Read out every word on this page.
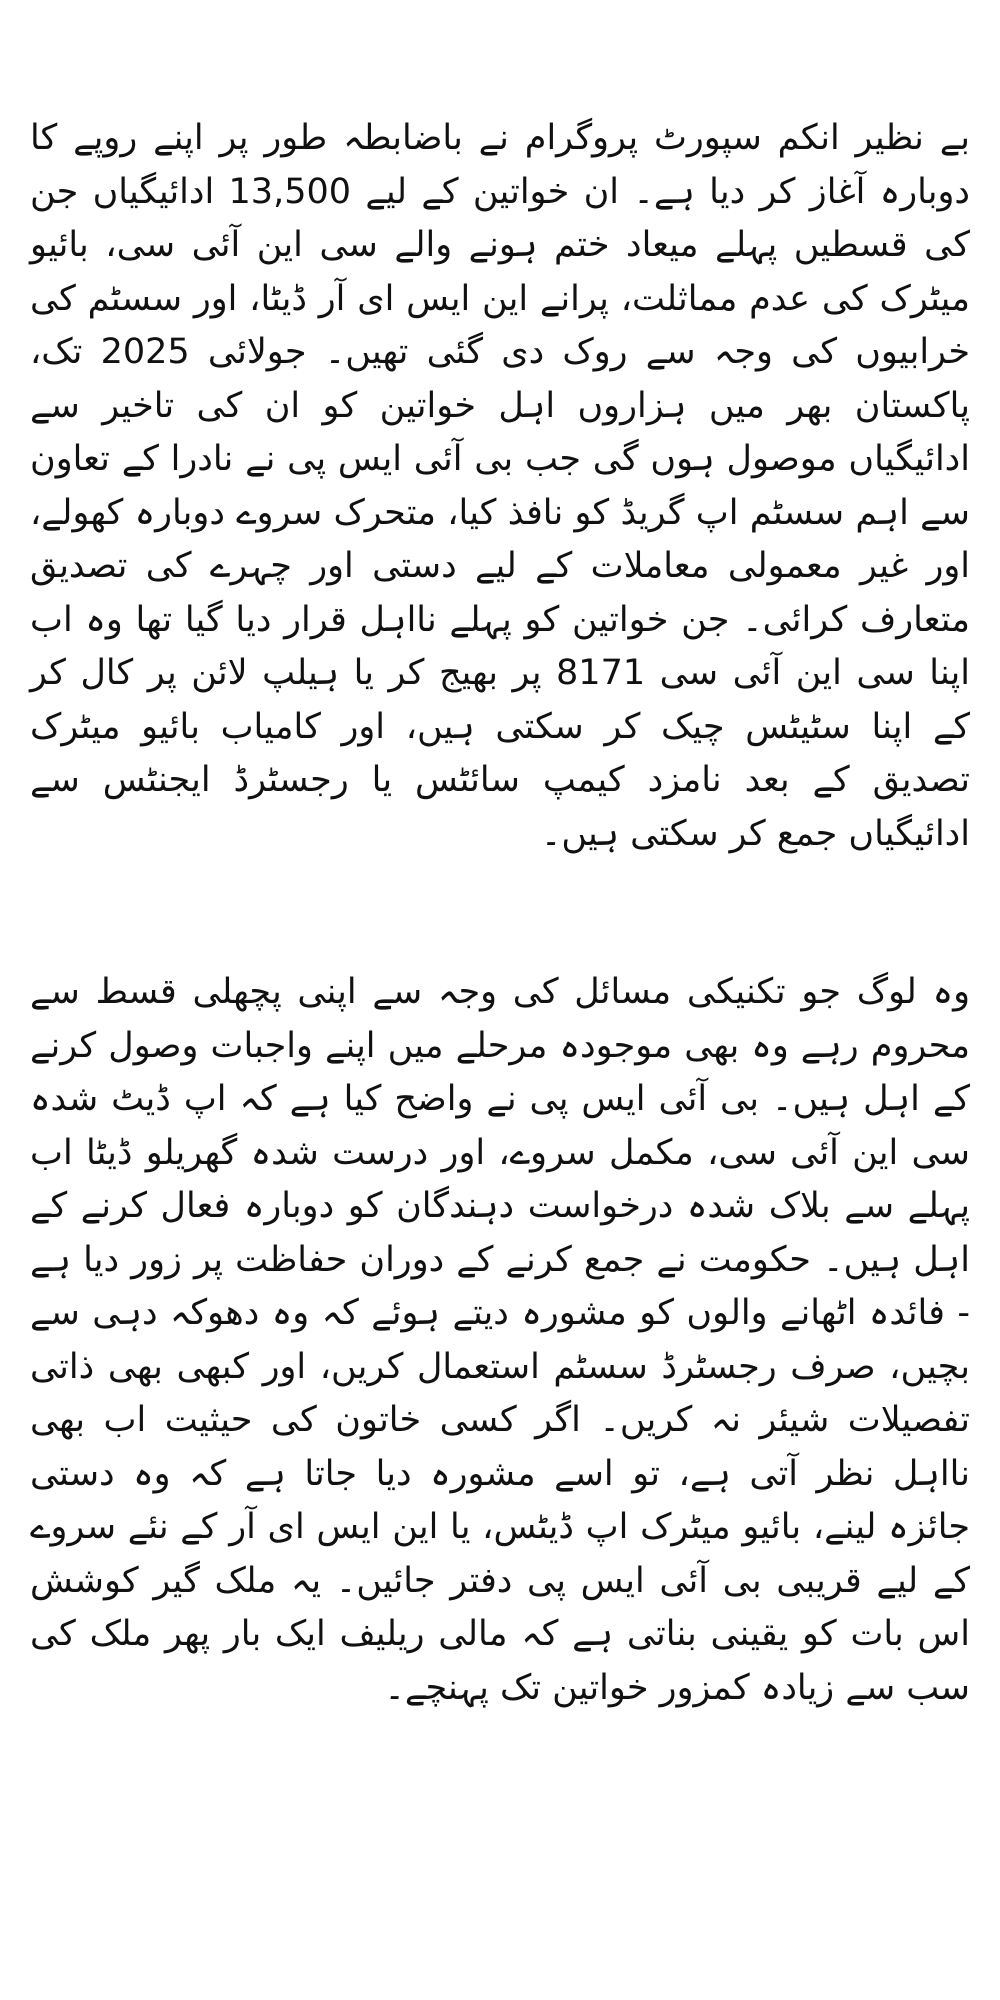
بے نظیر انکم سپورٹ پروگرام نے باضابطہ طور پر اپنے روپے کا دوبارہ آغاز کر دیا ہے۔ ان خواتین کے لیے 13,500 ادائیگیاں جن کی قسطیں پہلے میعاد ختم ہونے والے سی این آئی سی، بائیو میٹرک کی عدم مماثلت، پرانے این ایس ای آر ڈیٹا، اور سسٹم کی خرابیوں کی وجہ سے روک دی گئی تھیں۔ جولائی 2025 تک، پاکستان بھر میں ہزاروں اہل خواتین کو ان کی تاخیر سے ادائیگیاں موصول ہوں گی جب بی آئی ایس پی نے نادرا کے تعاون سے اہم سسٹم اپ گریڈ کو نافذ کیا، متحرک سروے دوبارہ کھولے، اور غیر معمولی معاملات کے لیے دستی اور چہرے کی تصدیق متعارف کرائی۔ جن خواتین کو پہلے نااہل قرار دیا گیا تھا وہ اب اپنا سی این آئی سی 8171 پر بھیج کر یا ہیلپ لائن پر کال کر کے اپنا سٹیٹس چیک کر سکتی ہیں، اور کامیاب بائیو میٹرک تصدیق کے بعد نامزد کیمپ سائٹس یا رجسٹرڈ ایجنٹس سے ادائیگیاں جمع کر سکتی ہیں۔

وہ لوگ جو تکنیکی مسائل کی وجہ سے اپنی پچھلی قسط سے محروم رہے وہ بھی موجودہ مرحلے میں اپنے واجبات وصول کرنے کے اہل ہیں۔ بی آئی ایس پی نے واضح کیا ہے کہ اپ ڈیٹ شدہ سی این آئی سی، مکمل سروے، اور درست شدہ گھریلو ڈیٹا اب پہلے سے بلاک شدہ درخواست دہندگان کو دوبارہ فعال کرنے کے اہل ہیں۔ حکومت نے جمع کرنے کے دوران حفاظت پر زور دیا ہے - فائدہ اٹھانے والوں کو مشورہ دیتے ہوئے کہ وہ دھوکہ دہی سے بچیں، صرف رجسٹرڈ سسٹم استعمال کریں، اور کبھی بھی ذاتی تفصیلات شیئر نہ کریں۔ اگر کسی خاتون کی حیثیت اب بھی نااہل نظر آتی ہے، تو اسے مشورہ دیا جاتا ہے کہ وہ دستی جائزہ لینے، بائیو میٹرک اپ ڈیٹس، یا این ایس ای آر کے نئے سروے کے لیے قریبی بی آئی ایس پی دفتر جائیں۔ یہ ملک گیر کوشش اس بات کو یقینی بناتی ہے کہ مالی ریلیف ایک بار پھر ملک کی سب سے زیادہ کمزور خواتین تک پہنچے۔
